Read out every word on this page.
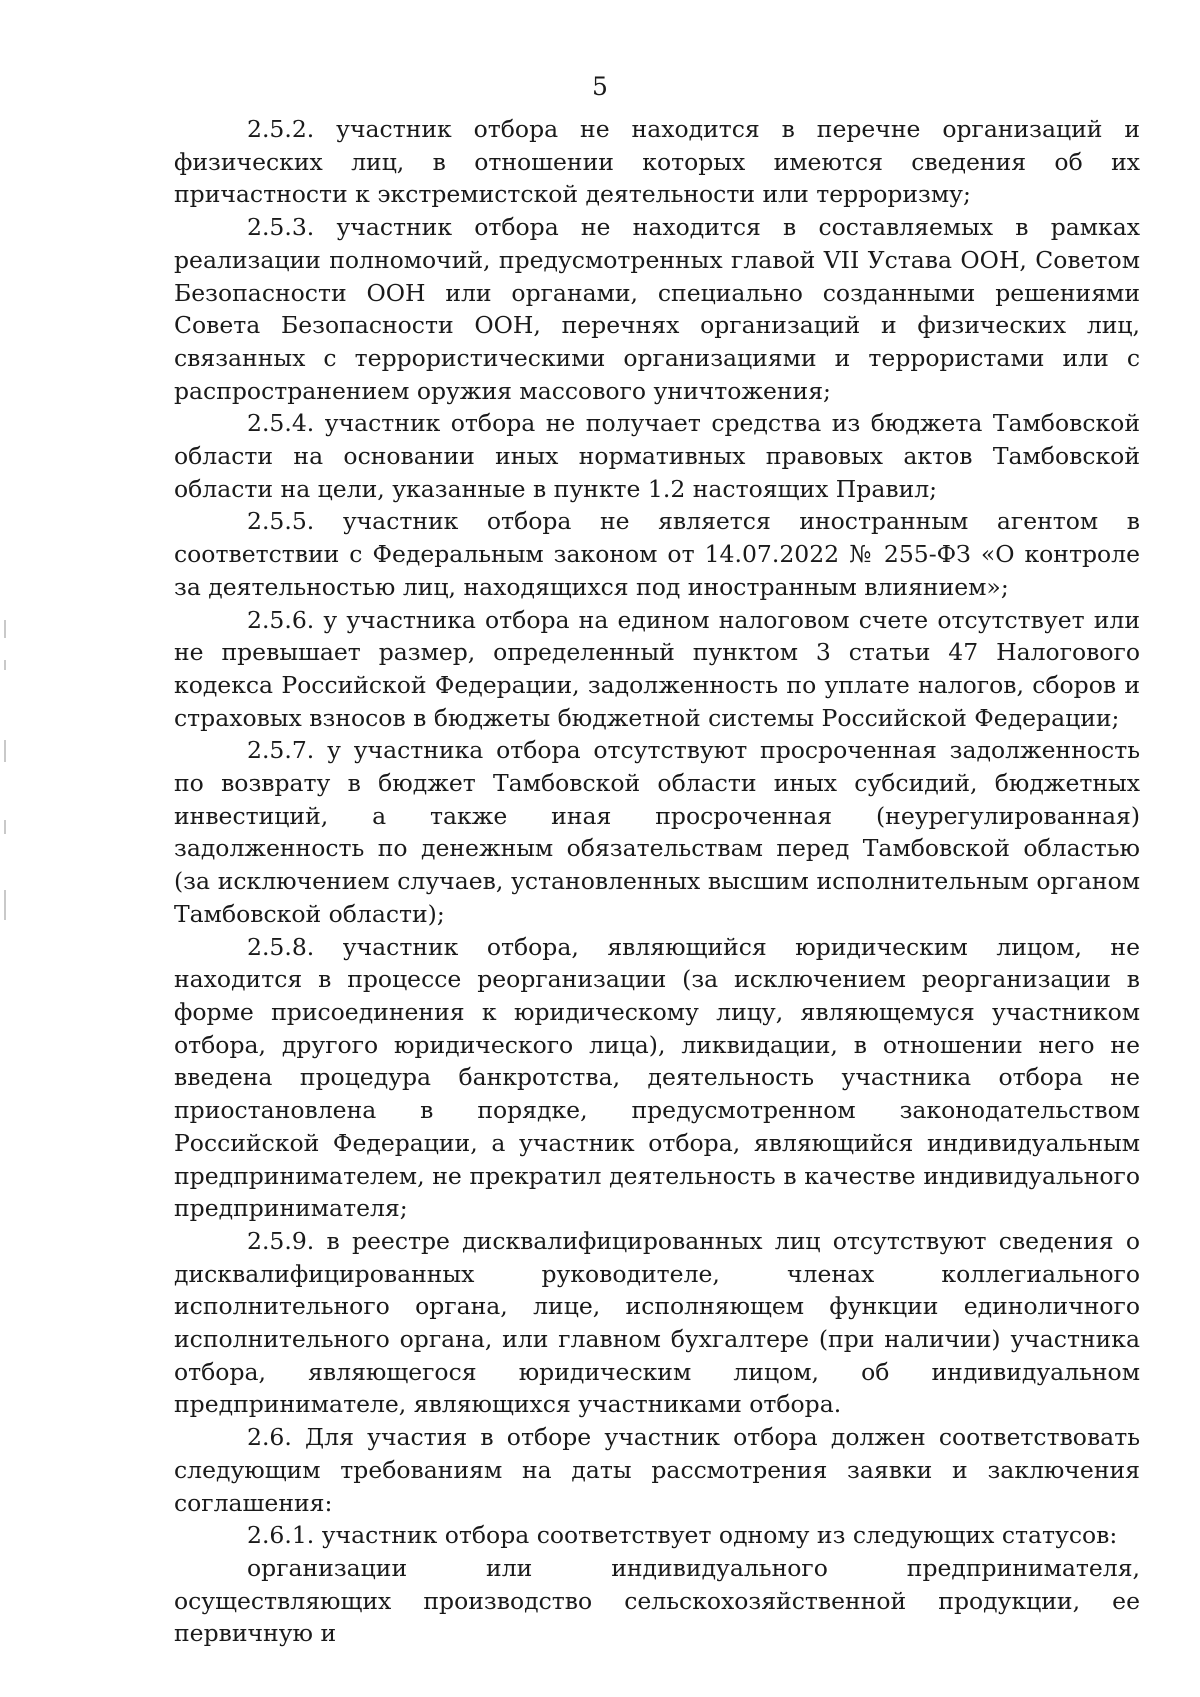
5

2.5.2. участник отбора не находится в перечне организаций и физических лиц, в отношении которых имеются сведения об их причастности к экстремистской деятельности или терроризму;

2.5.3. участник отбора не находится в составляемых в рамках реализации полномочий, предусмотренных главой VII Устава ООН, Советом Безопасности ООН или органами, специально созданными решениями Совета Безопасности ООН, перечнях организаций и физических лиц, связанных с террористическими организациями и террористами или с распространением оружия массового уничтожения;

2.5.4. участник отбора не получает средства из бюджета Тамбовской области на основании иных нормативных правовых актов Тамбовской области на цели, указанные в пункте 1.2 настоящих Правил;

2.5.5. участник отбора не является иностранным агентом в соответствии с Федеральным законом от 14.07.2022 № 255-ФЗ «О контроле за деятельностью лиц, находящихся под иностранным влиянием»;

2.5.6. у участника отбора на едином налоговом счете отсутствует или не превышает размер, определенный пунктом 3 статьи 47 Налогового кодекса Российской Федерации, задолженность по уплате налогов, сборов и страховых взносов в бюджеты бюджетной системы Российской Федерации;

2.5.7. у участника отбора отсутствуют просроченная задолженность по возврату в бюджет Тамбовской области иных субсидий, бюджетных инвестиций, а также иная просроченная (неурегулированная) задолженность по денежным обязательствам перед Тамбовской областью (за исключением случаев, установленных высшим исполнительным органом Тамбовской области);

2.5.8. участник отбора, являющийся юридическим лицом, не находится в процессе реорганизации (за исключением реорганизации в форме присоединения к юридическому лицу, являющемуся участником отбора, другого юридического лица), ликвидации, в отношении него не введена процедура банкротства, деятельность участника отбора не приостановлена в порядке, предусмотренном законодательством Российской Федерации, а участник отбора, являющийся индивидуальным предпринимателем, не прекратил деятельность в качестве индивидуального предпринимателя;

2.5.9. в реестре дисквалифицированных лиц отсутствуют сведения о дисквалифицированных руководителе, членах коллегиального исполнительного органа, лице, исполняющем функции единоличного исполнительного органа, или главном бухгалтере (при наличии) участника отбора, являющегося юридическим лицом, об индивидуальном предпринимателе, являющихся участниками отбора.

2.6. Для участия в отборе участник отбора должен соответствовать следующим требованиям на даты рассмотрения заявки и заключения соглашения:

2.6.1. участник отбора соответствует одному из следующих статусов:

организации или индивидуального предпринимателя, осуществляющих производство сельскохозяйственной продукции, ее первичную и
